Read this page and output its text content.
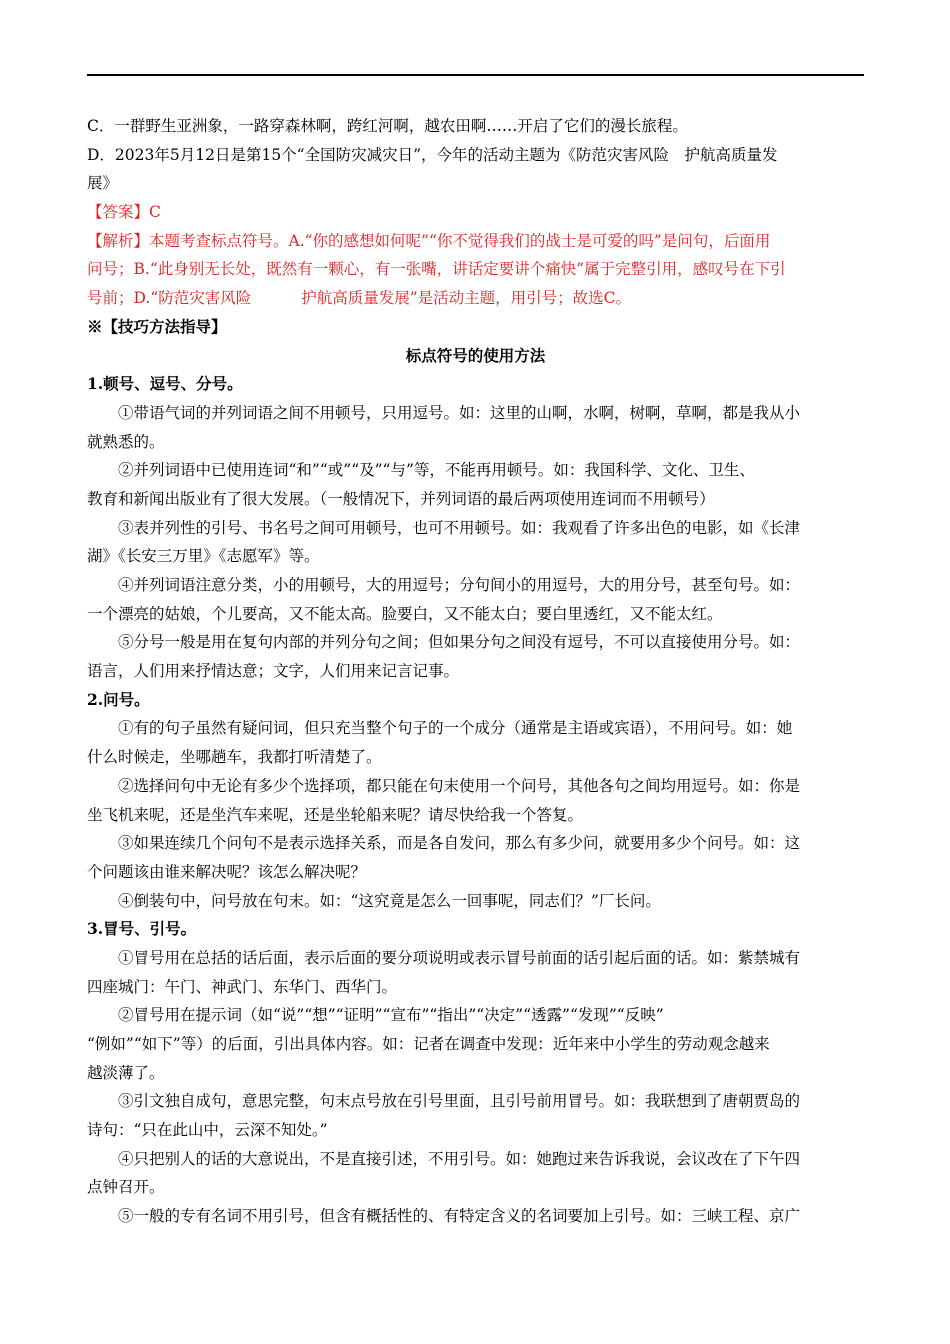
C．一群野生亚洲象，一路穿森林啊，跨红河啊，越农田啊……开启了它们的漫长旅程。
D．2023年5月12日是第15个“全国防灾减灾日”，今年的活动主题为《防范灾害风险　护航高质量发
展》
【答案】C
【解析】本题考查标点符号。A.“你的感想如何呢”“你不觉得我们的战士是可爱的吗”是问句，后面用
问号；B.“此身别无长处，既然有一颗心，有一张嘴，讲话定要讲个痛快”属于完整引用，感叹号在下引
号前；D.“防范灾害风险	护航高质量发展”是活动主题，用引号；故选C。
※【技巧方法指导】
标点符号的使用方法
1.顿号、逗号、分号。
①带语气词的并列词语之间不用顿号，只用逗号。如：这里的山啊，水啊，树啊，草啊，都是我从小
就熟悉的。
②并列词语中已使用连词“和”“或”“及”“与”等，不能再用顿号。如：我国科学、文化、卫生、
教育和新闻出版业有了很大发展。（一般情况下，并列词语的最后两项使用连词而不用顿号）
③表并列性的引号、书名号之间可用顿号，也可不用顿号。如：我观看了许多出色的电影，如《长津
湖》《长安三万里》《志愿军》等。
④并列词语注意分类，小的用顿号，大的用逗号；分句间小的用逗号，大的用分号，甚至句号。如：
一个漂亮的姑娘，个儿要高，又不能太高。脸要白，又不能太白；要白里透红，又不能太红。
⑤分号一般是用在复句内部的并列分句之间；但如果分句之间没有逗号，不可以直接使用分号。如：
语言，人们用来抒情达意；文字，人们用来记言记事。
2.问号。
①有的句子虽然有疑问词，但只充当整个句子的一个成分（通常是主语或宾语），不用问号。如：她
什么时候走，坐哪趟车，我都打听清楚了。
②选择问句中无论有多少个选择项，都只能在句末使用一个问号，其他各句之间均用逗号。如：你是
坐飞机来呢，还是坐汽车来呢，还是坐轮船来呢？请尽快给我一个答复。
③如果连续几个问句不是表示选择关系，而是各自发问，那么有多少问，就要用多少个问号。如：这
个问题该由谁来解决呢？该怎么解决呢？
④倒装句中，问号放在句末。如：“这究竟是怎么一回事呢，同志们？”厂长问。
3.冒号、引号。
①冒号用在总括的话后面，表示后面的要分项说明或表示冒号前面的话引起后面的话。如：紫禁城有
四座城门：午门、神武门、东华门、西华门。
②冒号用在提示词（如“说”“想”“证明”“宣布”“指出”“决定”“透露”“发现”“反映”
“例如”“如下”等）的后面，引出具体内容。如：记者在调查中发现：近年来中小学生的劳动观念越来
越淡薄了。
③引文独自成句，意思完整，句末点号放在引号里面，且引号前用冒号。如：我联想到了唐朝贾岛的
诗句：“只在此山中，云深不知处。”
④只把别人的话的大意说出，不是直接引述，不用引号。如：她跑过来告诉我说，会议改在了下午四
点钟召开。
⑤一般的专有名词不用引号，但含有概括性的、有特定含义的名词要加上引号。如：三峡工程、京广
